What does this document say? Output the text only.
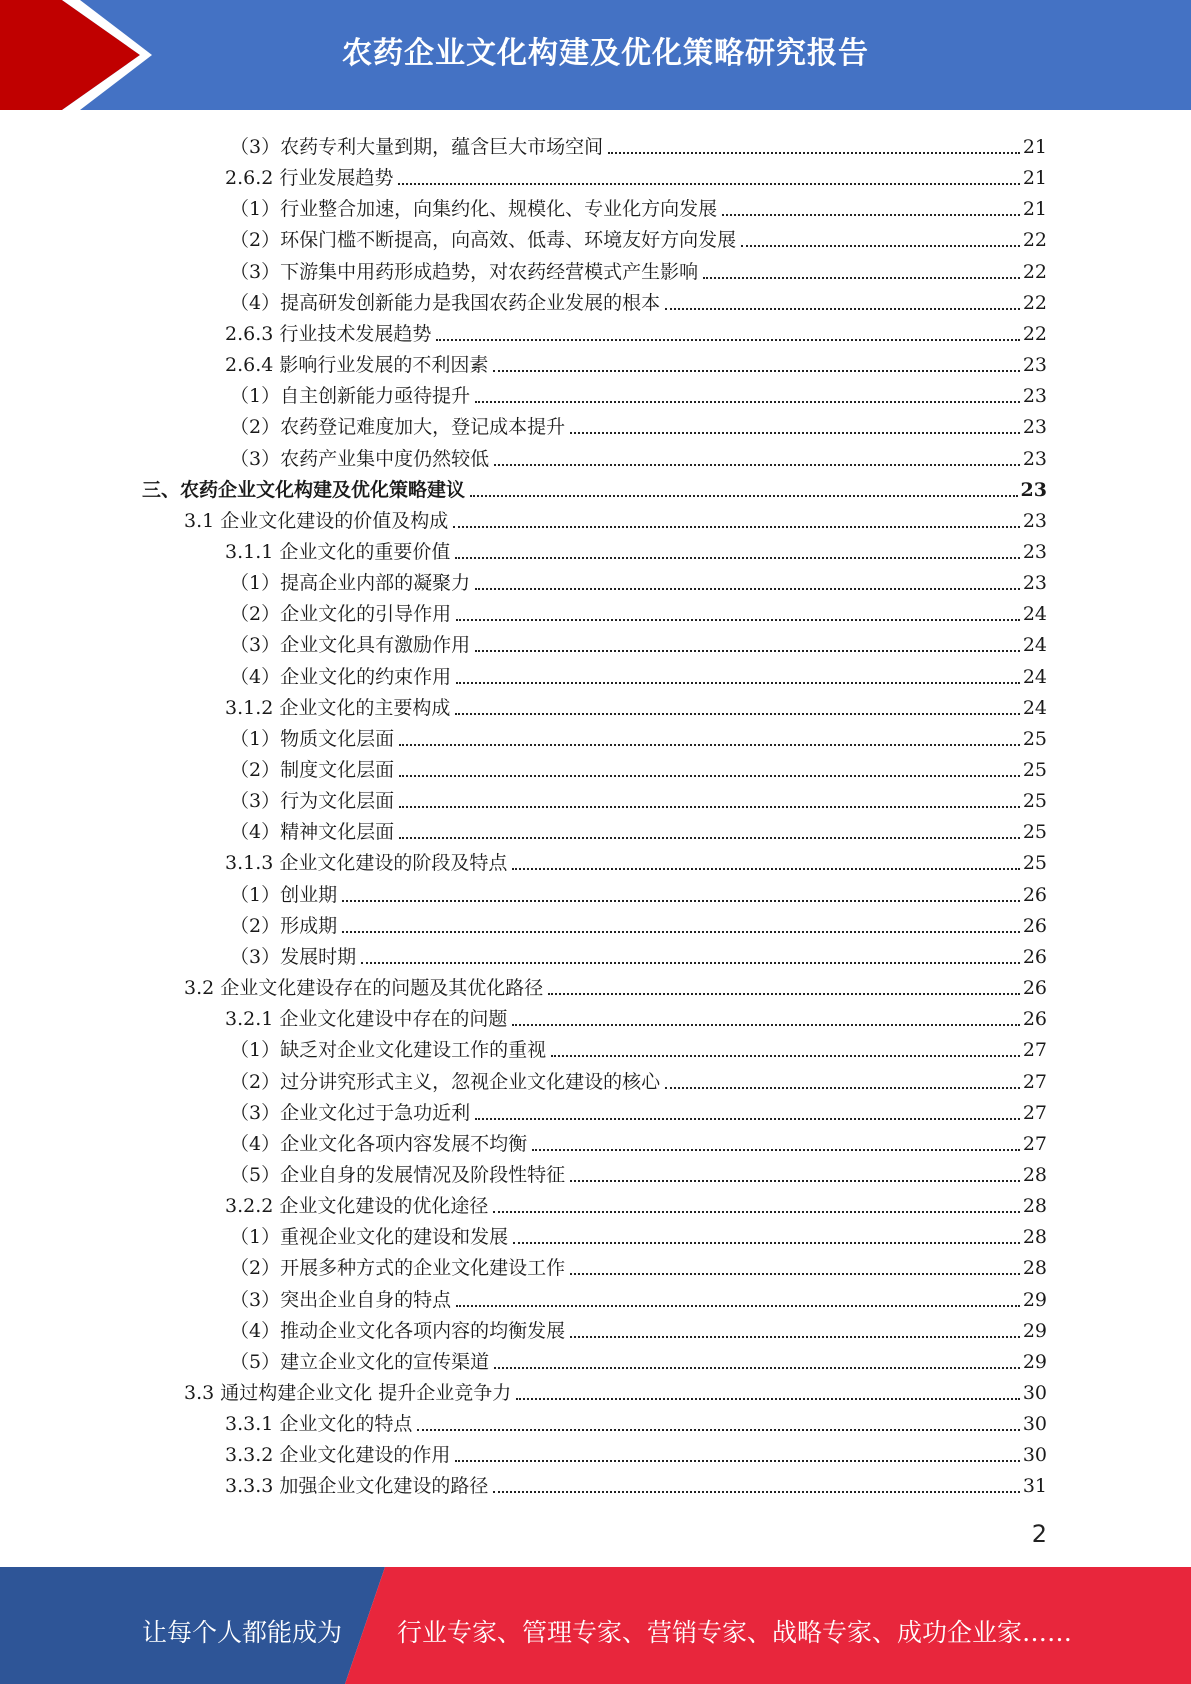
农药企业文化构建及优化策略研究报告
（3）农药专利大量到期，蕴含巨大市场空间	21
2.6.2 行业发展趋势	21
（1）行业整合加速，向集约化、规模化、专业化方向发展	21
（2）环保门槛不断提高，向高效、低毒、环境友好方向发展	22
（3）下游集中用药形成趋势，对农药经营模式产生影响	22
（4）提高研发创新能力是我国农药企业发展的根本	22
2.6.3 行业技术发展趋势	22
2.6.4 影响行业发展的不利因素	23
（1）自主创新能力亟待提升	23
（2）农药登记难度加大，登记成本提升	23
（3）农药产业集中度仍然较低	23
三、农药企业文化构建及优化策略建议	23
3.1 企业文化建设的价值及构成	23
3.1.1 企业文化的重要价值	23
（1）提高企业内部的凝聚力	23
（2）企业文化的引导作用	24
（3）企业文化具有激励作用	24
（4）企业文化的约束作用	24
3.1.2 企业文化的主要构成	24
（1）物质文化层面	25
（2）制度文化层面	25
（3）行为文化层面	25
（4）精神文化层面	25
3.1.3 企业文化建设的阶段及特点	25
（1）创业期	26
（2）形成期	26
（3）发展时期	26
3.2 企业文化建设存在的问题及其优化路径	26
3.2.1 企业文化建设中存在的问题	26
（1）缺乏对企业文化建设工作的重视	27
（2）过分讲究形式主义，忽视企业文化建设的核心	27
（3）企业文化过于急功近利	27
（4）企业文化各项内容发展不均衡	27
（5）企业自身的发展情况及阶段性特征	28
3.2.2 企业文化建设的优化途径	28
（1）重视企业文化的建设和发展	28
（2）开展多种方式的企业文化建设工作	28
（3）突出企业自身的特点	29
（4）推动企业文化各项内容的均衡发展	29
（5）建立企业文化的宣传渠道	29
3.3 通过构建企业文化 提升企业竞争力	30
3.3.1 企业文化的特点	30
3.3.2 企业文化建设的作用	30
3.3.3 加强企业文化建设的路径	31
2
让每个人都能成为 行业专家、管理专家、营销专家、战略专家、成功企业家……
